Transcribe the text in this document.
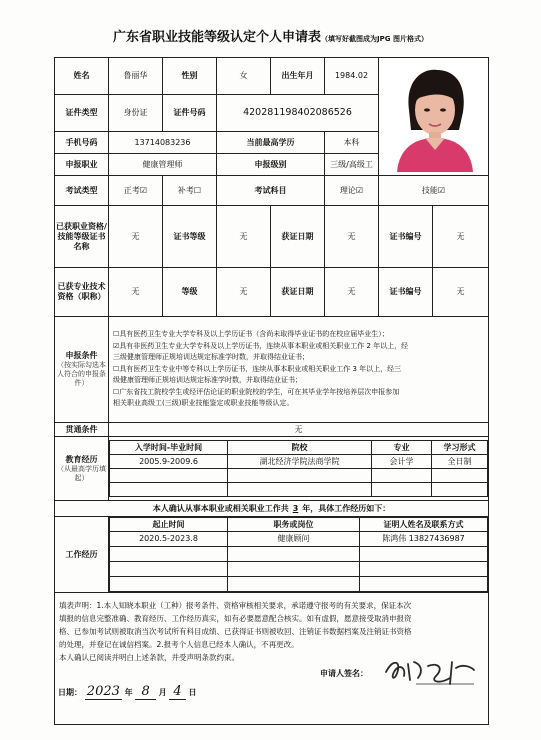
广东省职业技能等级认定个人申请表（填写好截图成为JPG 图片格式）
姓名	鲁丽华	性别	女	出生年月	1984.02	
证件类型	身份证	证件号码	420281198402086526
手机号码	13714083236	当前最高学历	本科
申报职业	健康管理师	申报级别	三级/高级工
考试类型	正考☑	补考☐	考试科目	理论☑	技能☑
已获职业资格/技能等级证书名称	无	证书等级	无	获证日期	无	证书编号	无
已获专业技术资格（职称）	无	等级	无	获证日期	无	证书编号	无

申报条件
（按实际勾选本人符合的申报条件）

☐具有医药卫生专业大学专科及以上学历证书（含尚未取得毕业证书的在校应届毕业生）；

☑具有非医药卫生专业大学专科及以上学历证书，连续从事本职业或相关职业工作 2 年以上，经

三级健康管理师正规培训达规定标准学时数，并取得结业证书；

☐具有医药卫生专业中等专科以上学历证书，连续从事本职业或相关职业工作 3 年以上，经三

级健康管理师正规培训达规定标准学时数，并取得结业证书；

☐广东省技工院校学生或经评估论证的职业院校的学生，可在其毕业学年按培养层次申报参加

相关职业高级工(三级)职业技能鉴定或职业技能等级认定。

贯通条件	无

教育经历
（从最高学历填起）

入学时间-毕业时间	院校	专业	学习形式
2005.9-2009.6	湖北经济学院法商学院	会计学	全日制

本人确认从事本职业或相关职业工作共 3 年，具体工作经历如下：
工作经历	
起止时间	职务或岗位	证明人姓名及联系方式
2020.5-2023.8	健康顾问	陈鸿伟 13827436987

填表声明：1.本人知晓本职业（工种）报考条件、资格审核相关要求，承诺遵守报考的有关要求，保证本次

填报的信息完整准确、教育经历、工作经历真实，如有必要愿意配合核实。如有虚假，愿意接受取消申报资

格、已参加考试则被取消当次考试所有科目成绩、已获得证书则被收回、注销证书数据档案及注销证书资格

的处理，并登记在诚信档案。2.报考个人信息已经本人确认，不再更改。

本人确认已阅读并明白上述条款，并受声明条款约束。

申请人签名：
日期： 2023 年 8 月 4 日
